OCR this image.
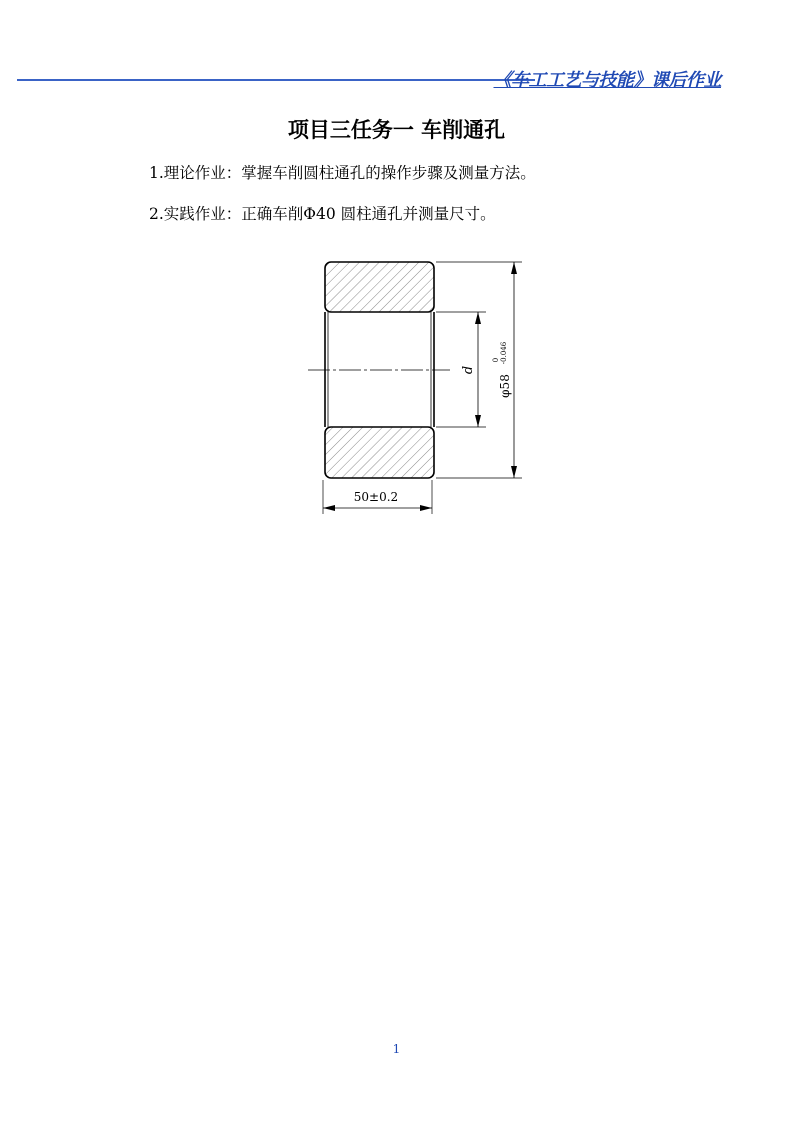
《车工工艺与技能》课后作业
项目三任务一 车削通孔
1.理论作业：掌握车削圆柱通孔的操作步骤及测量方法。
2.实践作业：正确车削Φ40 圆柱通孔并测量尺寸。
d
φ58
0 -0.046
50±0.2
1
